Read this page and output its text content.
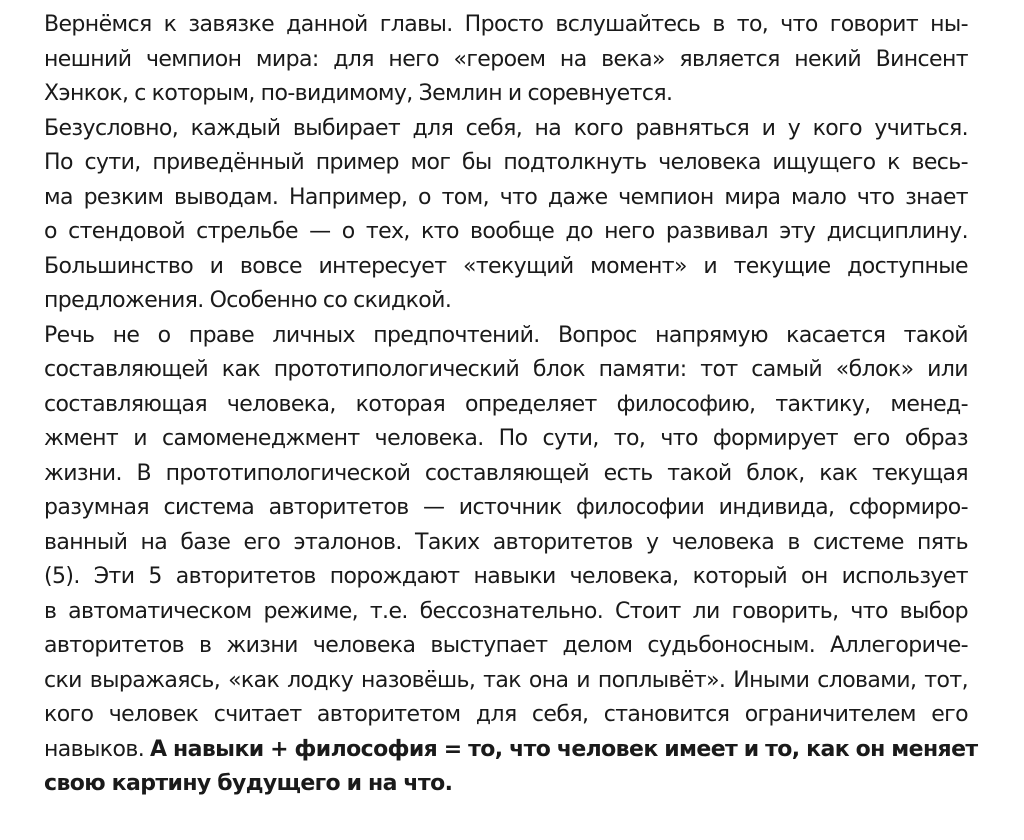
Вернёмся к завязке данной главы. Просто вслушайтесь в то, что говорит ны-
нешний чемпион мира: для него «героем на века» является некий Винсент
Хэнкок, с которым, по-видимому, Землин и соревнуется.
Безусловно, каждый выбирает для себя, на кого равняться и у кого учиться.
По сути, приведённый пример мог бы подтолкнуть человека ищущего к весь-
ма резким выводам. Например, о том, что даже чемпион мира мало что знает
о стендовой стрельбе — о тех, кто вообще до него развивал эту дисциплину.
Большинство и вовсе интересует «текущий момент» и текущие доступные
предложения. Особенно со скидкой.
Речь не о праве личных предпочтений. Вопрос напрямую касается такой
составляющей как прототипологический блок памяти: тот самый «блок» или
составляющая человека, которая определяет философию, тактику, менед-
жмент и самоменеджмент человека. По сути, то, что формирует его образ
жизни. В прототипологической составляющей есть такой блок, как текущая
разумная система авторитетов — источник философии индивида, сформиро-
ванный на базе его эталонов. Таких авторитетов у человека в системе пять
(5). Эти 5 авторитетов порождают навыки человека, который он использует
в автоматическом режиме, т.е. бессознательно. Стоит ли говорить, что выбор
авторитетов в жизни человека выступает делом судьбоносным. Аллегориче-
ски выражаясь, «как лодку назовёшь, так она и поплывёт». Иными словами, тот,
кого человек считает авторитетом для себя, становится ограничителем его
навыков. А навыки + философия = то, что человек имеет и то, как он меняет
свою картину будущего и на что.
